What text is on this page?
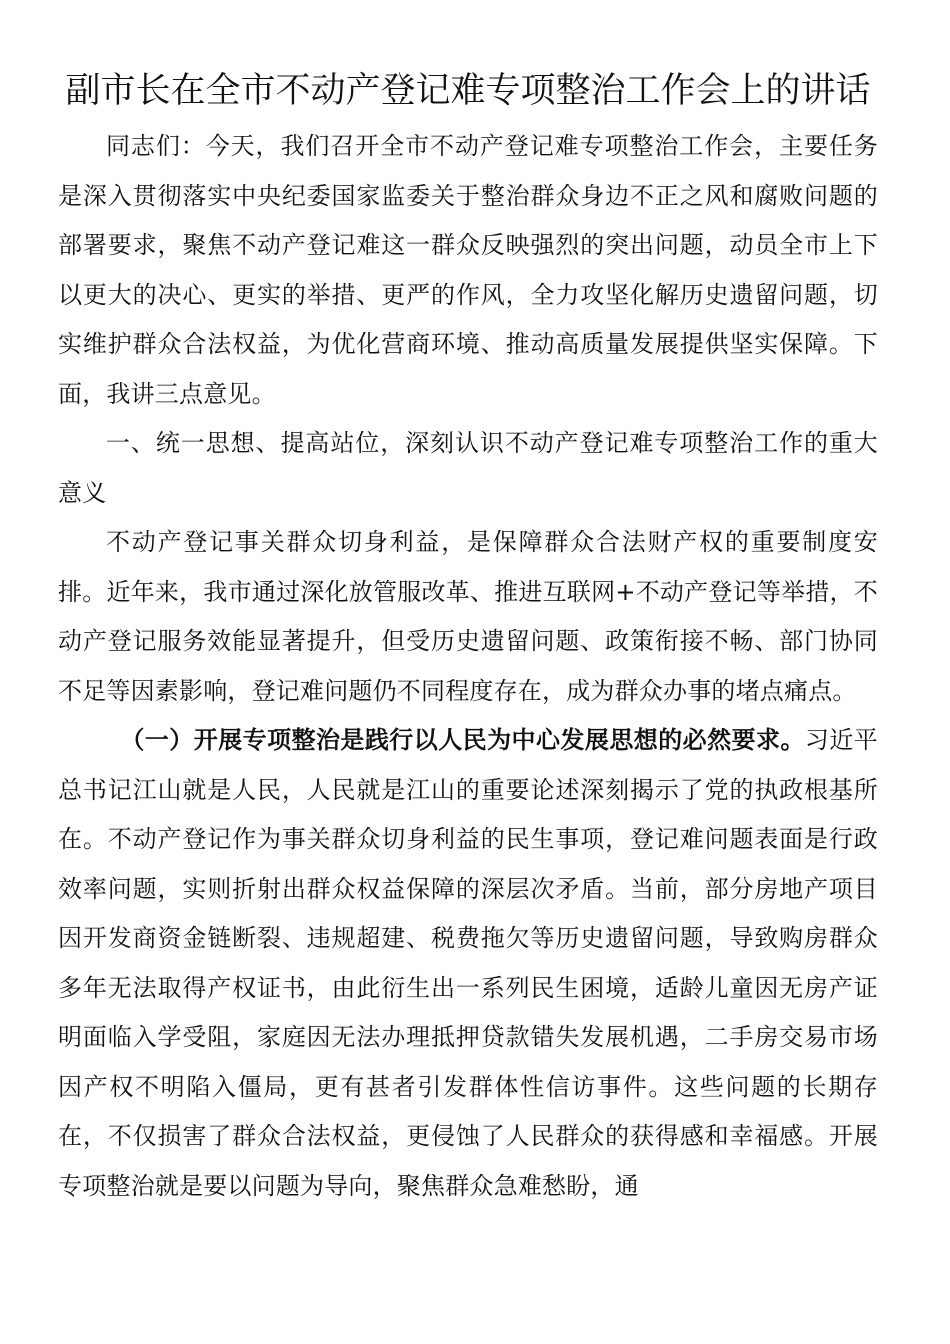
副市长在全市不动产登记难专项整治工作会上的讲话

同志们：今天，我们召开全市不动产登记难专项整治工作会，主要任务是深入贯彻落实中央纪委国家监委关于整治群众身边不正之风和腐败问题的部署要求，聚焦不动产登记难这一群众反映强烈的突出问题，动员全市上下以更大的决心、更实的举措、更严的作风，全力攻坚化解历史遗留问题，切实维护群众合法权益，为优化营商环境、推动高质量发展提供坚实保障。下面，我讲三点意见。

一、统一思想、提高站位，深刻认识不动产登记难专项整治工作的重大意义

不动产登记事关群众切身利益，是保障群众合法财产权的重要制度安排。近年来，我市通过深化放管服改革、推进互联网+不动产登记等举措，不动产登记服务效能显著提升，但受历史遗留问题、政策衔接不畅、部门协同不足等因素影响，登记难问题仍不同程度存在，成为群众办事的堵点痛点。

（一）开展专项整治是践行以人民为中心发展思想的必然要求。习近平总书记江山就是人民，人民就是江山的重要论述深刻揭示了党的执政根基所在。不动产登记作为事关群众切身利益的民生事项，登记难问题表面是行政效率问题，实则折射出群众权益保障的深层次矛盾。当前，部分房地产项目因开发商资金链断裂、违规超建、税费拖欠等历史遗留问题，导致购房群众多年无法取得产权证书，由此衍生出一系列民生困境，适龄儿童因无房产证明面临入学受阻，家庭因无法办理抵押贷款错失发展机遇，二手房交易市场因产权不明陷入僵局，更有甚者引发群体性信访事件。这些问题的长期存在，不仅损害了群众合法权益，更侵蚀了人民群众的获得感和幸福感。开展专项整治就是要以问题为导向，聚焦群众急难愁盼，通
